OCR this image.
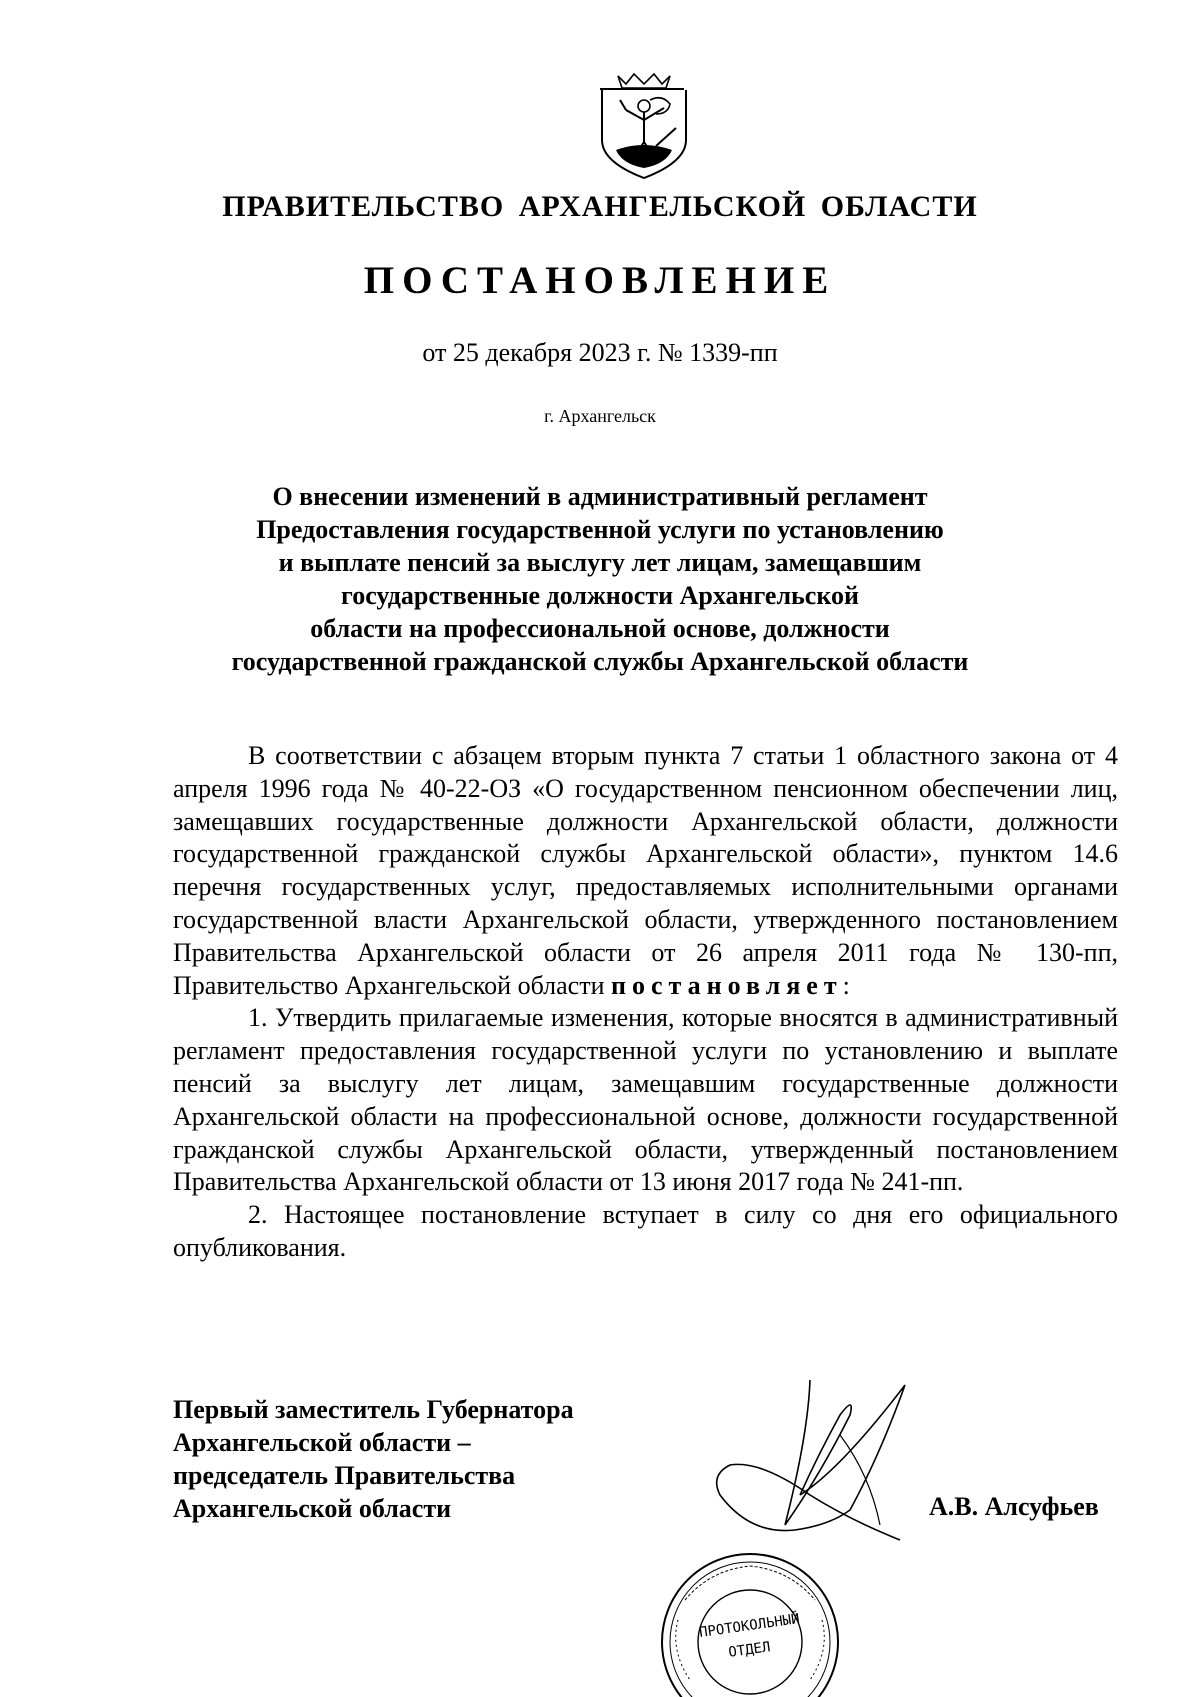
ПРАВИТЕЛЬСТВО АРХАНГЕЛЬСКОЙ ОБЛАСТИ
ПОСТАНОВЛЕНИЕ
от 25 декабря 2023 г. № 1339-пп
г. Архангельск
О внесении изменений в административный регламент
Предоставления государственной услуги по установлению
и выплате пенсий за выслугу лет лицам, замещавшим
государственные должности Архангельской
области на профессиональной основе, должности
государственной гражданской службы Архангельской области

В соответствии с абзацем вторым пункта 7 статьи 1 областного закона от 4 апреля 1996 года № 40-22-ОЗ «О государственном пенсионном обеспечении лиц, замещавших государственные должности Архангельской области, должности государственной гражданской службы Архангельской области», пунктом 14.6 перечня государственных услуг, предоставляемых исполнительными органами государственной власти Архангельской области, утвержденного постановлением Правительства Архангельской области от 26 апреля 2011 года № 130-пп, Правительство Архангельской области постановляет:

1. Утвердить прилагаемые изменения, которые вносятся в административный регламент предоставления государственной услуги по установлению и выплате пенсий за выслугу лет лицам, замещавшим государственные должности Архангельской области на профессиональной основе, должности государственной гражданской службы Архангельской области, утвержденный постановлением Правительства Архангельской области от 13 июня 2017 года № 241-пп.

2. Настоящее постановление вступает в силу со дня его официального опубликования.

Первый заместитель Губернатора
Архангельской области –
председатель Правительства
Архангельской области	А.В. Алсуфьев
ПРОТОКОЛЬНЫЙ
ОТДЕЛ
